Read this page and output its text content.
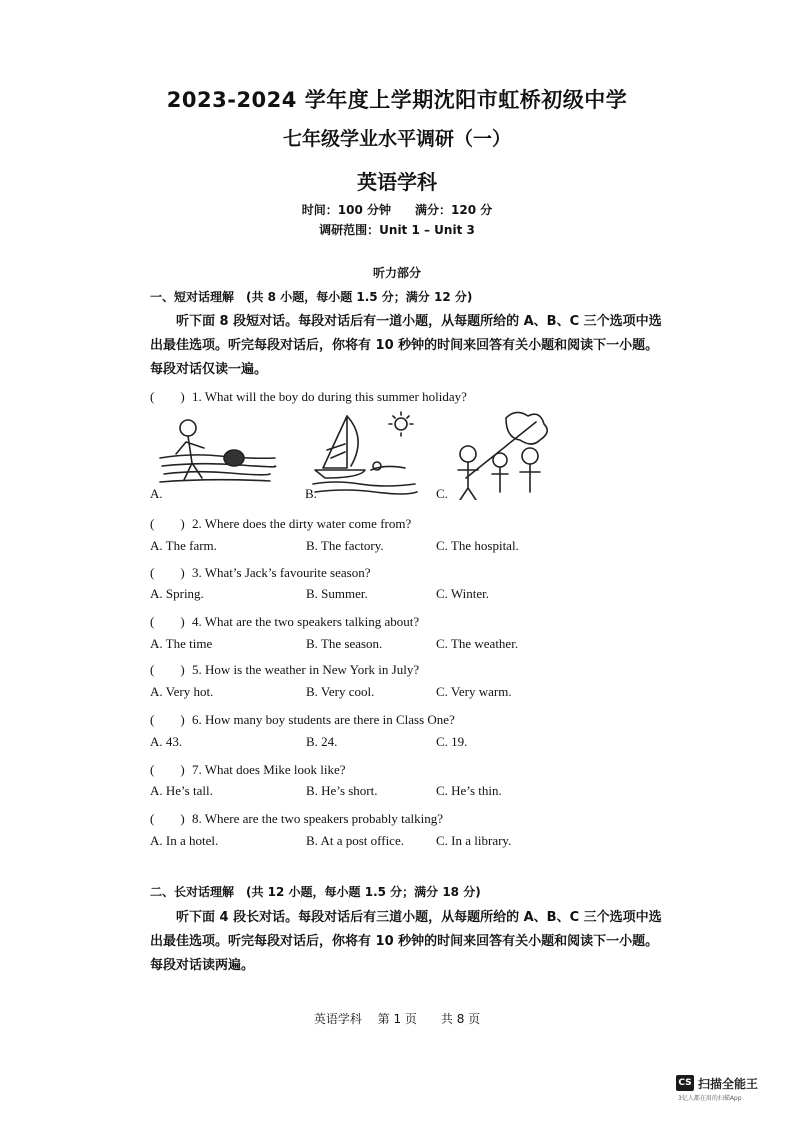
2023-2024 学年度上学期沈阳市虹桥初级中学
七年级学业水平调研（一）
英语学科
时间：100 分钟　　满分：120 分
调研范围：Unit 1 – Unit 3
听力部分
一、短对话理解　(共 8 小题，每小题 1.5 分；满分 12 分)
听下面 8 段短对话。每段对话后有一道小题，从每题所给的 A、B、C 三个选项中选出最佳选项。听完每段对话后，你将有 10 秒钟的时间来回答有关小题和阅读下一小题。每段对话仅读一遍。
(　　) 1. What will the boy do during this summer holiday?
A.	B.	C.
(　　) 2. Where does the dirty water come from?
A. The farm.	B. The factory.	C. The hospital.
(　　) 3. What’s Jack’s favourite season?
A. Spring.	B. Summer.	C. Winter.
(　　) 4. What are the two speakers talking about?
A. The time	B. The season.	C. The weather.
(　　) 5. How is the weather in New York in July?
A. Very hot.	B. Very cool.	C. Very warm.
(　　) 6. How many boy students are there in Class One?
A. 43.	B. 24.	C. 19.
(　　) 7. What does Mike look like?
A. He’s tall.	B. He’s short.	C. He’s thin.
(　　) 8. Where are the two speakers probably talking?
A. In a hotel.	B. At a post office. C. In a library.
二、长对话理解　(共 12 小题，每小题 1.5 分；满分 18 分)
听下面 4 段长对话。每段对话后有三道小题，从每题所给的 A、B、C 三个选项中选出最佳选项。听完每段对话后，你将有 10 秒钟的时间来回答有关小题和阅读下一小题。每段对话读两遍。
英语学科　 第 1 页　　共 8 页
CS 扫描全能王
3亿人都在用的扫描App
